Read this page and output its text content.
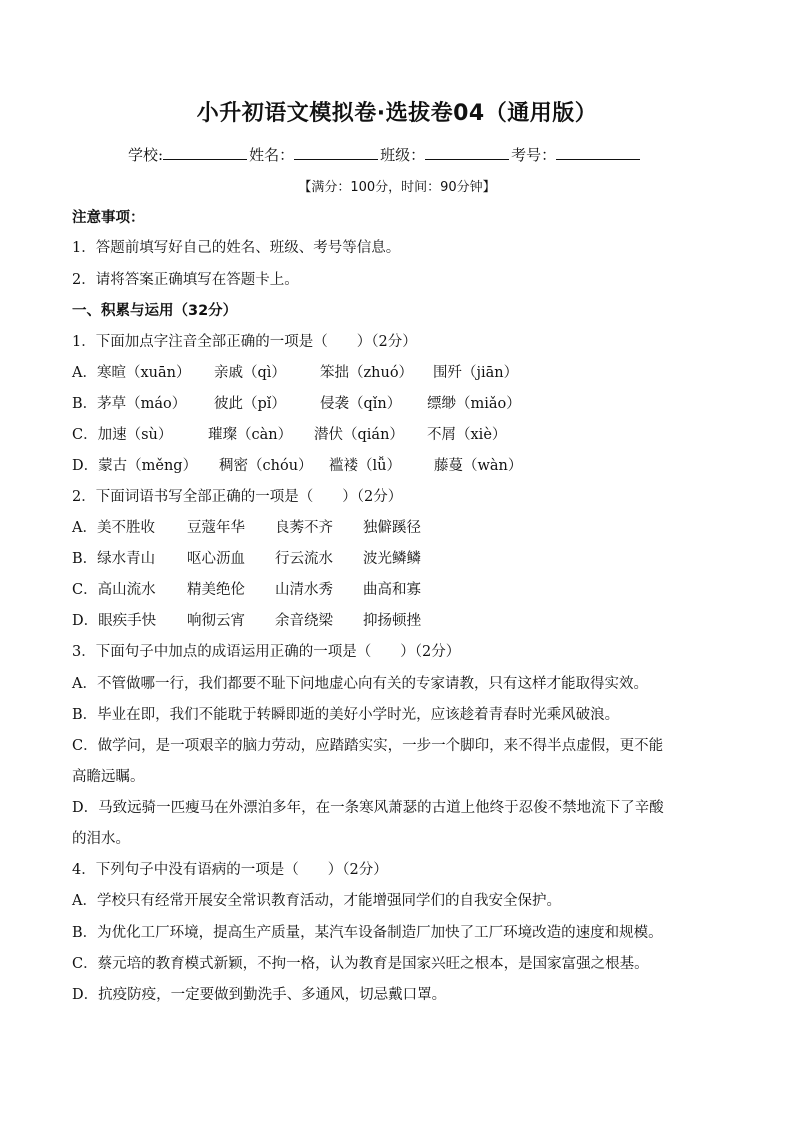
小升初语文模拟卷·选拔卷04（通用版）
学校:	姓名：	班级：	考号：
【满分：100分，时间：90分钟】
注意事项：
1．答题前填写好自己的姓名、班级、考号等信息。
2．请将答案正确填写在答题卡上。
一、积累与运用（32分）
1．下面加点字注音全部正确的一项是（　　）（2分）
A．寒暄（xuān） 亲戚（qì） 笨拙（zhuó） 围歼（jiān）
B．茅草（máo） 彼此（pǐ） 侵袭（qǐn） 缥缈（miǎo）
C．加速（sù） 璀璨（càn） 潜伏（qián） 不屑（xiè）
D．蒙古（měng） 稠密（chóu） 褴褛（lǚ） 藤蔓（wàn）
2．下面词语书写全部正确的一项是（　　）（2分）
A．美不胜收 豆蔻年华 良莠不齐 独僻蹊径
B．绿水青山 呕心沥血 行云流水 波光鳞鳞
C．高山流水 精美绝伦 山清水秀 曲高和寡
D．眼疾手快 响彻云宵 余音绕梁 抑扬顿挫
3．下面句子中加点的成语运用正确的一项是（　　）（2分）
A．不管做哪一行，我们都要不耻下问地虚心向有关的专家请教，只有这样才能取得实效。
B．毕业在即，我们不能耽于转瞬即逝的美好小学时光，应该趁着青春时光乘风破浪。
C．做学问，是一项艰辛的脑力劳动，应踏踏实实，一步一个脚印，来不得半点虚假，更不能
高瞻远瞩。
D．马致远骑一匹瘦马在外漂泊多年，在一条寒风萧瑟的古道上他终于忍俊不禁地流下了辛酸
的泪水。
4．下列句子中没有语病的一项是（　　）（2分）
A．学校只有经常开展安全常识教育活动，才能增强同学们的自我安全保护。
B．为优化工厂环境，提高生产质量，某汽车设备制造厂加快了工厂环境改造的速度和规模。
C．蔡元培的教育模式新颖，不拘一格，认为教育是国家兴旺之根本，是国家富强之根基。
D．抗疫防疫，一定要做到勤洗手、多通风，切忌戴口罩。
